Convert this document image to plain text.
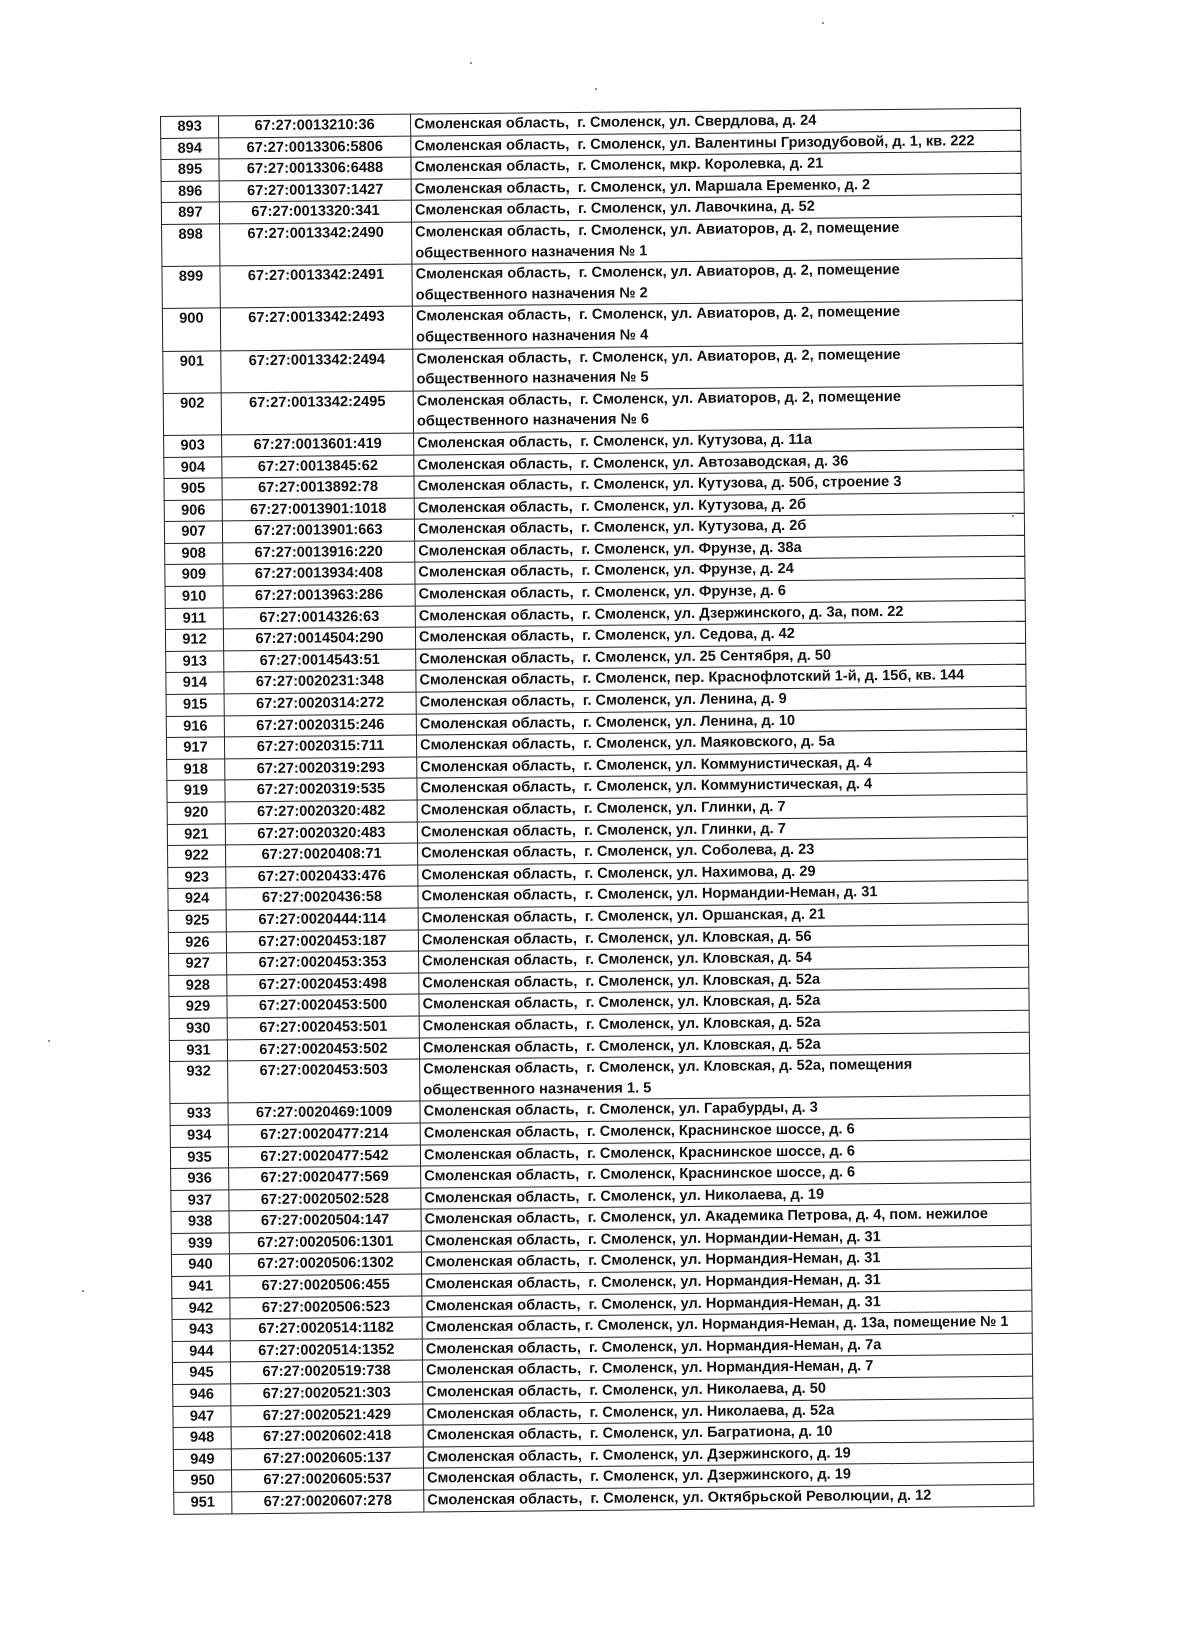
893	67:27:0013210:36	Смоленская область,  г. Смоленск, ул. Свердлова, д. 24
894	67:27:0013306:5806	Смоленская область,  г. Смоленск, ул. Валентины Гризодубовой, д. 1, кв. 222
895	67:27:0013306:6488	Смоленская область,  г. Смоленск, мкр. Королевка, д. 21
896	67:27:0013307:1427	Смоленская область,  г. Смоленск, ул. Маршала Еременко, д. 2
897	67:27:0013320:341	Смоленская область,  г. Смоленск, ул. Лавочкина, д. 52
898	67:27:0013342:2490	Смоленская область,  г. Смоленск, ул. Авиаторов, д. 2, помещение
общественного назначения № 1
899	67:27:0013342:2491	Смоленская область,  г. Смоленск, ул. Авиаторов, д. 2, помещение
общественного назначения № 2
900	67:27:0013342:2493	Смоленская область,  г. Смоленск, ул. Авиаторов, д. 2, помещение
общественного назначения № 4
901	67:27:0013342:2494	Смоленская область,  г. Смоленск, ул. Авиаторов, д. 2, помещение
общественного назначения № 5
902	67:27:0013342:2495	Смоленская область,  г. Смоленск, ул. Авиаторов, д. 2, помещение
общественного назначения № 6
903	67:27:0013601:419	Смоленская область,  г. Смоленск, ул. Кутузова, д. 11а
904	67:27:0013845:62	Смоленская область,  г. Смоленск, ул. Автозаводская, д. 36
905	67:27:0013892:78	Смоленская область,  г. Смоленск, ул. Кутузова, д. 50б, строение 3
906	67:27:0013901:1018	Смоленская область,  г. Смоленск, ул. Кутузова, д. 2б
907	67:27:0013901:663	Смоленская область,  г. Смоленск, ул. Кутузова, д. 2б
908	67:27:0013916:220	Смоленская область,  г. Смоленск, ул. Фрунзе, д. 38а
909	67:27:0013934:408	Смоленская область,  г. Смоленск, ул. Фрунзе, д. 24
910	67:27:0013963:286	Смоленская область,  г. Смоленск, ул. Фрунзе, д. 6
911	67:27:0014326:63	Смоленская область,  г. Смоленск, ул. Дзержинского, д. 3а, пом. 22
912	67:27:0014504:290	Смоленская область,  г. Смоленск, ул. Седова, д. 42
913	67:27:0014543:51	Смоленская область,  г. Смоленск, ул. 25 Сентября, д. 50
914	67:27:0020231:348	Смоленская область,  г. Смоленск, пер. Краснофлотский 1-й, д. 15б, кв. 144
915	67:27:0020314:272	Смоленская область,  г. Смоленск, ул. Ленина, д. 9
916	67:27:0020315:246	Смоленская область,  г. Смоленск, ул. Ленина, д. 10
917	67:27:0020315:711	Смоленская область,  г. Смоленск, ул. Маяковского, д. 5а
918	67:27:0020319:293	Смоленская область,  г. Смоленск, ул. Коммунистическая, д. 4
919	67:27:0020319:535	Смоленская область,  г. Смоленск, ул. Коммунистическая, д. 4
920	67:27:0020320:482	Смоленская область,  г. Смоленск, ул. Глинки, д. 7
921	67:27:0020320:483	Смоленская область,  г. Смоленск, ул. Глинки, д. 7
922	67:27:0020408:71	Смоленская область,  г. Смоленск, ул. Соболева, д. 23
923	67:27:0020433:476	Смоленская область,  г. Смоленск, ул. Нахимова, д. 29
924	67:27:0020436:58	Смоленская область,  г. Смоленск, ул. Нормандии-Неман, д. 31
925	67:27:0020444:114	Смоленская область,  г. Смоленск, ул. Оршанская, д. 21
926	67:27:0020453:187	Смоленская область,  г. Смоленск, ул. Кловская, д. 56
927	67:27:0020453:353	Смоленская область,  г. Смоленск, ул. Кловская, д. 54
928	67:27:0020453:498	Смоленская область,  г. Смоленск, ул. Кловская, д. 52а
929	67:27:0020453:500	Смоленская область,  г. Смоленск, ул. Кловская, д. 52а
930	67:27:0020453:501	Смоленская область,  г. Смоленск, ул. Кловская, д. 52а
931	67:27:0020453:502	Смоленская область,  г. Смоленск, ул. Кловская, д. 52а
932	67:27:0020453:503	Смоленская область,  г. Смоленск, ул. Кловская, д. 52а, помещения
общественного назначения 1. 5
933	67:27:0020469:1009	Смоленская область,  г. Смоленск, ул. Гарабурды, д. 3
934	67:27:0020477:214	Смоленская область,  г. Смоленск, Краснинское шоссе, д. 6
935	67:27:0020477:542	Смоленская область,  г. Смоленск, Краснинское шоссе, д. 6
936	67:27:0020477:569	Смоленская область,  г. Смоленск, Краснинское шоссе, д. 6
937	67:27:0020502:528	Смоленская область,  г. Смоленск, ул. Николаева, д. 19
938	67:27:0020504:147	Смоленская область,  г. Смоленск, ул. Академика Петрова, д. 4, пом. нежилое
939	67:27:0020506:1301	Смоленская область,  г. Смоленск, ул. Нормандии-Неман, д. 31
940	67:27:0020506:1302	Смоленская область,  г. Смоленск, ул. Нормандия-Неман, д. 31
941	67:27:0020506:455	Смоленская область,  г. Смоленск, ул. Нормандия-Неман, д. 31
942	67:27:0020506:523	Смоленская область,  г. Смоленск, ул. Нормандия-Неман, д. 31
943	67:27:0020514:1182	Смоленская область, г. Смоленск, ул. Нормандия-Неман, д. 13а, помещение № 1
944	67:27:0020514:1352	Смоленская область,  г. Смоленск, ул. Нормандия-Неман, д. 7а
945	67:27:0020519:738	Смоленская область,  г. Смоленск, ул. Нормандия-Неман, д. 7
946	67:27:0020521:303	Смоленская область,  г. Смоленск, ул. Николаева, д. 50
947	67:27:0020521:429	Смоленская область,  г. Смоленск, ул. Николаева, д. 52а
948	67:27:0020602:418	Смоленская область,  г. Смоленск, ул. Багратиона, д. 10
949	67:27:0020605:137	Смоленская область,  г. Смоленск, ул. Дзержинского, д. 19
950	67:27:0020605:537	Смоленская область,  г. Смоленск, ул. Дзержинского, д. 19
951	67:27:0020607:278	Смоленская область,  г. Смоленск, ул. Октябрьской Революции, д. 12
